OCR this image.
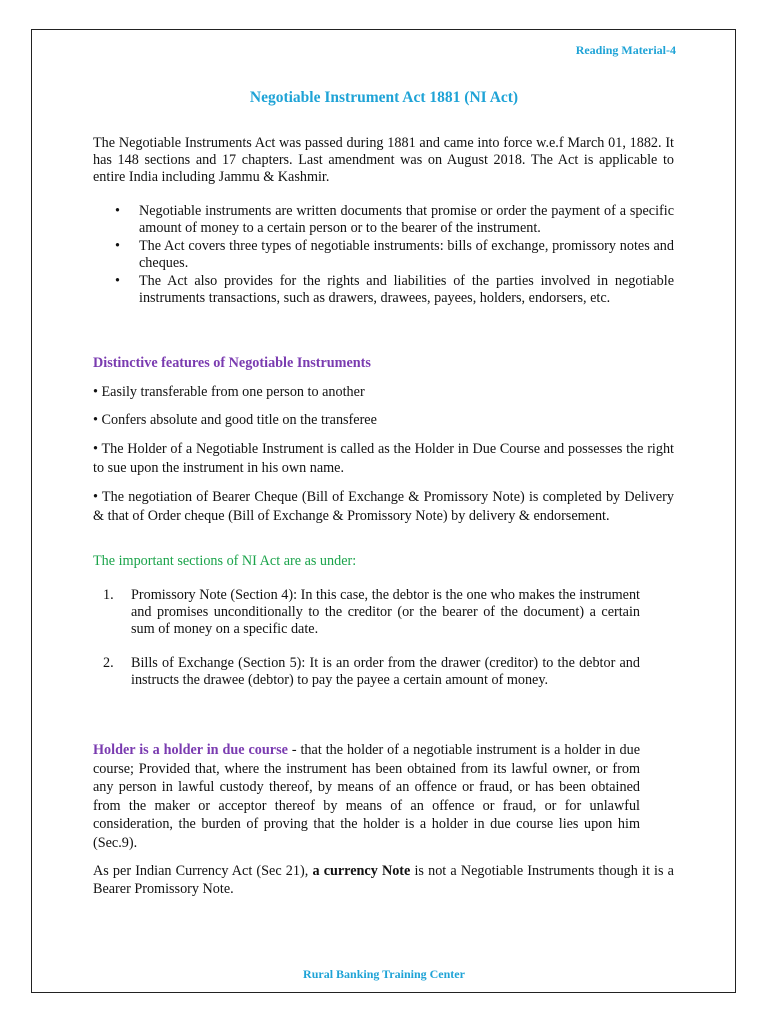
Reading Material-4
Negotiable Instrument Act 1881 (NI Act)

The Negotiable Instruments Act was passed during 1881 and came into force w.e.f March 01, 1882. It has 148 sections and 17 chapters. Last amendment was on August 2018. The Act is applicable to entire India including Jammu & Kashmir.

•	Negotiable instruments are written documents that promise or order the payment of a specific amount of money to a certain person or to the bearer of the instrument.
•	The Act covers three types of negotiable instruments: bills of exchange, promissory notes and cheques.
•	The Act also provides for the rights and liabilities of the parties involved in negotiable instruments transactions, such as drawers, drawees, payees, holders, endorsers, etc.
Distinctive features of Negotiable Instruments

• Easily transferable from one person to another

• Confers absolute and good title on the transferee

• The Holder of a Negotiable Instrument is called as the Holder in Due Course and possesses the right to sue upon the instrument in his own name.

• The negotiation of Bearer Cheque (Bill of Exchange & Promissory Note) is completed by Delivery & that of Order cheque (Bill of Exchange & Promissory Note) by delivery & endorsement.

The important sections of NI Act are as under:
1.	Promissory Note (Section 4): In this case, the debtor is the one who makes the instrument and promises unconditionally to the creditor (or the bearer of the document) a certain sum of money on a specific date.
2.	Bills of Exchange (Section 5): It is an order from the drawer (creditor) to the debtor and instructs the drawee (debtor) to pay the payee a certain amount of money.

Holder is a holder in due course - that the holder of a negotiable instrument is a holder in due course; Provided that, where the instrument has been obtained from its lawful owner, or from any person in lawful custody thereof, by means of an offence or fraud, or has been obtained from the maker or acceptor thereof by means of an offence or fraud, or for unlawful consideration, the burden of proving that the holder is a holder in due course lies upon him (Sec.9).

As per Indian Currency Act (Sec 21), a currency Note is not a Negotiable Instruments though it is a Bearer Promissory Note.

Rural Banking Training Center
